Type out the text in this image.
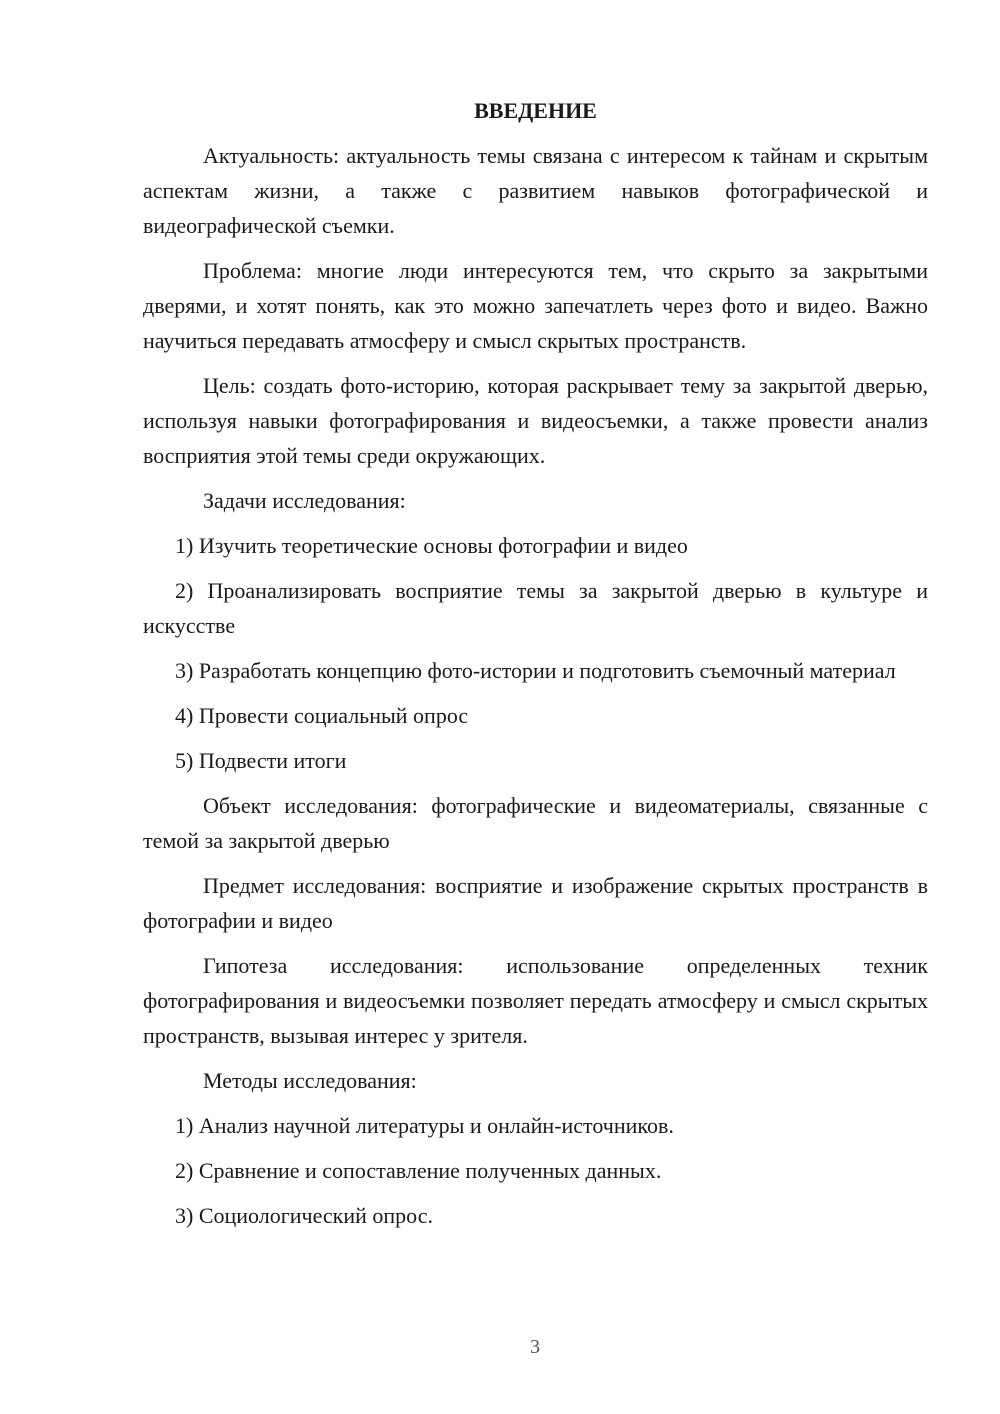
ВВЕДЕНИЕ

Актуальность: актуальность темы связана с интересом к тайнам и скрытым аспектам жизни, а также с развитием навыков фотографической и видеографической съемки.

Проблема: многие люди интересуются тем, что скрыто за закрытыми дверями, и хотят понять, как это можно запечатлеть через фото и видео. Важно научиться передавать атмосферу и смысл скрытых пространств.

Цель: создать фото-историю, которая раскрывает тему за закрытой дверью, используя навыки фотографирования и видеосъемки, а также провести анализ восприятия этой темы среди окружающих.

Задачи исследования:

1) Изучить теоретические основы фотографии и видео

2) Проанализировать восприятие темы за закрытой дверью в культуре и искусстве

3) Разработать концепцию фото-истории и подготовить съемочный материал

4) Провести социальный опрос

5) Подвести итоги

Объект исследования: фотографические и видеоматериалы, связанные с темой за закрытой дверью

Предмет исследования: восприятие и изображение скрытых пространств в фотографии и видео

Гипотеза исследования: использование определенных техник фотографирования и видеосъемки позволяет передать атмосферу и смысл скрытых пространств, вызывая интерес у зрителя.

Методы исследования:

1) Анализ научной литературы и онлайн-источников.

2) Сравнение и сопоставление полученных данных.

3) Социологический опрос.

3
